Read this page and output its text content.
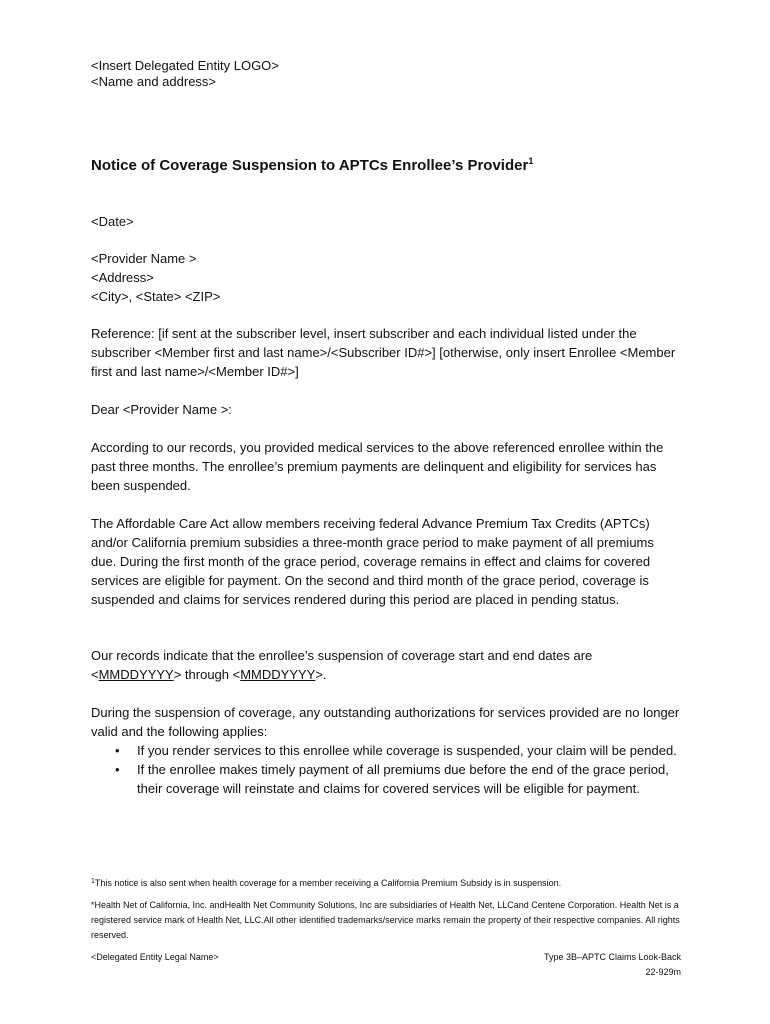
<Insert Delegated Entity LOGO>
<Name and address>
Notice of Coverage Suspension to APTCs Enrollee’s Provider$^1$

<Date>

<Provider Name >

<Address>

<City>, <State> <ZIP>

Reference: [if sent at the subscriber level, insert subscriber and each individual listed under the subscriber <Member first and last name>/<Subscriber ID#>] [otherwise, only insert Enrollee <Member first and last name>/<Member ID#>]

Dear <Provider Name >:

According to our records, you provided medical services to the above referenced enrollee within the past three months. The enrollee’s premium payments are delinquent and eligibility for services has been suspended.

The Affordable Care Act allow members receiving federal Advance Premium Tax Credits (APTCs) and/or California premium subsidies a three-month grace period to make payment of all premiums due. During the first month of the grace period, coverage remains in effect and claims for covered services are eligible for payment. On the second and third month of the grace period, coverage is suspended and claims for services rendered during this period are placed in pending status.

Our records indicate that the enrollee’s suspension of coverage start and end dates are
<MMDDYYYY> through <MMDDYYYY>.

During the suspension of coverage, any outstanding authorizations for services provided are no longer valid and the following applies:

• If you render services to this enrollee while coverage is suspended, your claim will be pended.
• If the enrollee makes timely payment of all premiums due before the end of the grace period, their coverage will reinstate and claims for covered services will be eligible for payment.
$^1$This notice is also sent when health coverage for a member receiving a California Premium Subsidy is in suspension.
*Health Net of California, Inc. andHealth Net Community Solutions, Inc are subsidiaries of Health Net, LLCand Centene Corporation. Health Net is a registered service mark of Health Net, LLC.All other identified trademarks/service marks remain the property of their respective companies. All rights reserved.
<Delegated Entity Legal Name>	Type 3B–APTC Claims Look-Back
22-929m
